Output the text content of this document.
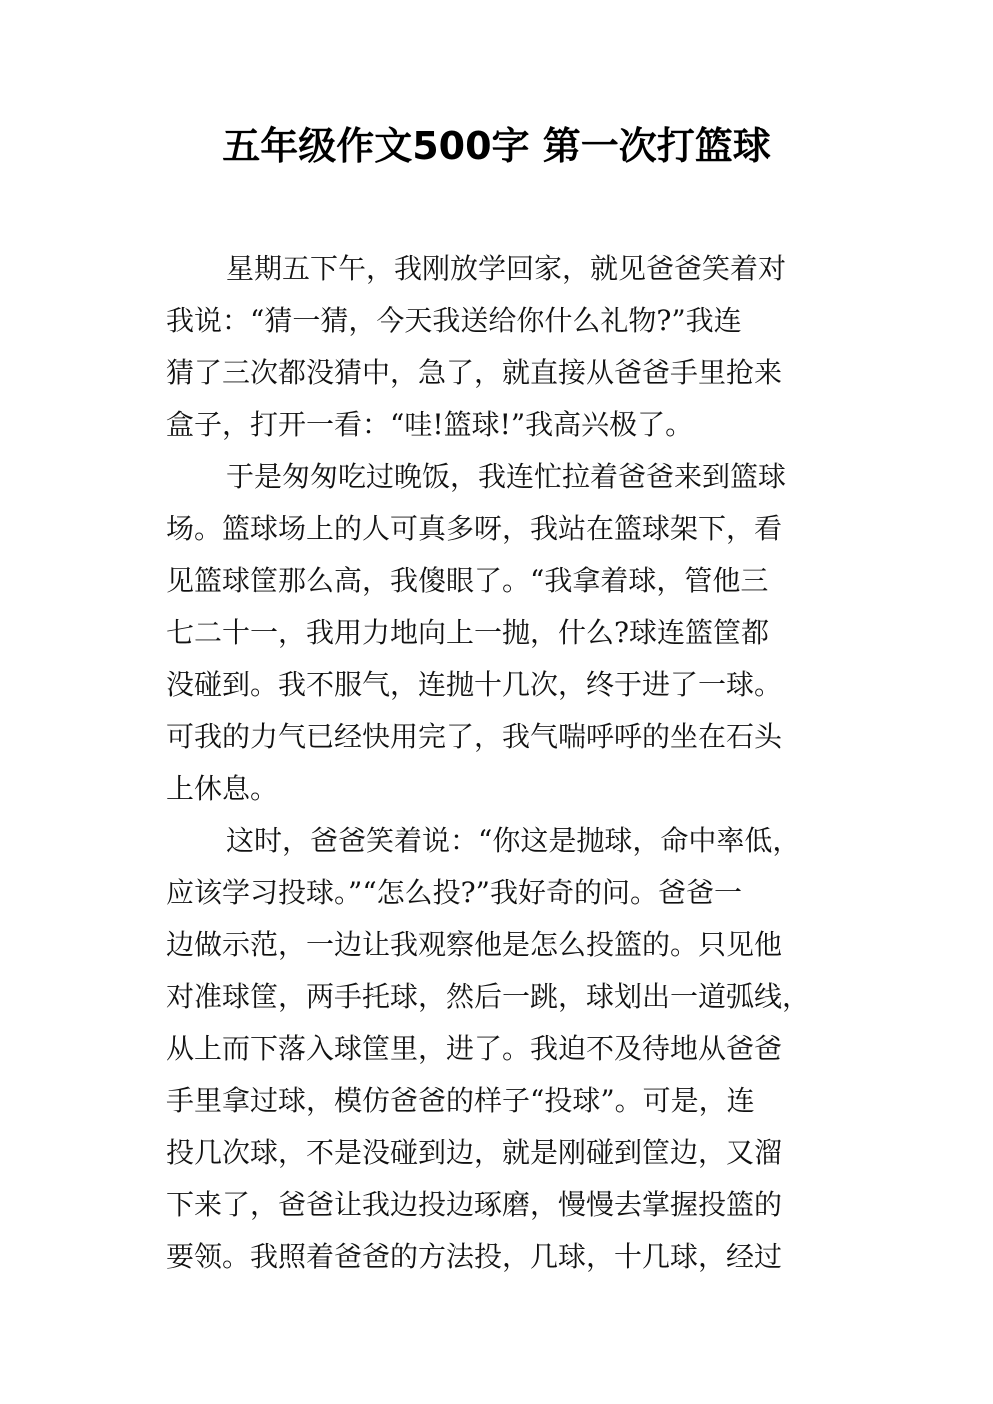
五年级作文500字 第一次打篮球
星期五下午，我刚放学回家，就见爸爸笑着对
我说：“猜一猜，今天我送给你什么礼物?”我连
猜了三次都没猜中，急了，就直接从爸爸手里抢来
盒子，打开一看：“哇!篮球!”我高兴极了。
于是匆匆吃过晚饭，我连忙拉着爸爸来到篮球
场。篮球场上的人可真多呀，我站在篮球架下，看
见篮球筐那么高，我傻眼了。“我拿着球，管他三
七二十一，我用力地向上一抛，什么?球连篮筐都
没碰到。我不服气，连抛十几次，终于进了一球。
可我的力气已经快用完了，我气喘呼呼的坐在石头
上休息。
这时，爸爸笑着说：“你这是抛球，命中率低，
应该学习投球。”“怎么投?”我好奇的问。爸爸一
边做示范，一边让我观察他是怎么投篮的。只见他
对准球筐，两手托球，然后一跳，球划出一道弧线，
从上而下落入球筐里，进了。我迫不及待地从爸爸
手里拿过球，模仿爸爸的样子“投球”。可是，连
投几次球，不是没碰到边，就是刚碰到筐边，又溜
下来了，爸爸让我边投边琢磨，慢慢去掌握投篮的
要领。我照着爸爸的方法投，几球，十几球，经过
